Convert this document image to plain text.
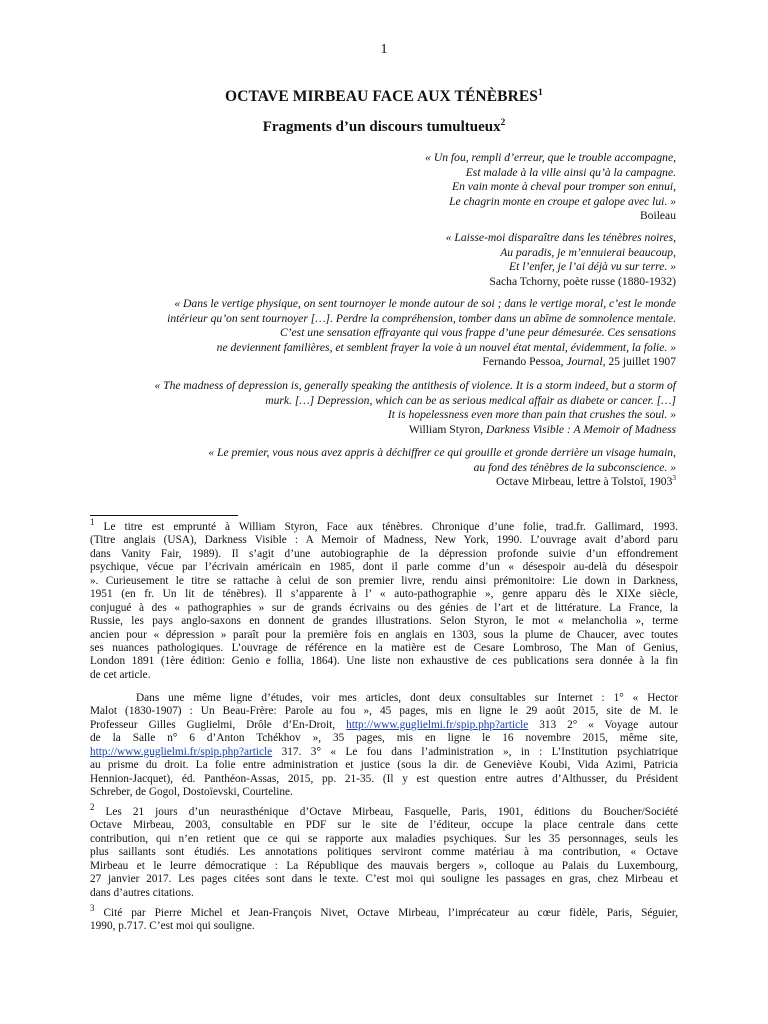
1
OCTAVE MIRBEAU FACE AUX TÉNÈBRES$^1$
Fragments d’un discours tumultueux$^2$
« Un fou, rempli d’erreur, que le trouble accompagne,
Est malade à la ville ainsi qu’à la campagne.
En vain monte à cheval pour tromper son ennui,
Le chagrin monte en croupe et galope avec lui. »
Boileau
« Laisse-moi disparaître dans les ténèbres noires,
Au paradis, je m’ennuierai beaucoup,
Et l’enfer, je l’ai déjà vu sur terre. »
Sacha Tchorny, poète russe (1880-1932)
« Dans le vertige physique, on sent tournoyer le monde autour de soi ; dans le vertige moral, c’est le monde
intérieur qu’on sent tournoyer […]. Perdre la compréhension, tomber dans un abîme de somnolence mentale.
C’est une sensation effrayante qui vous frappe d’une peur démesurée. Ces sensations
ne deviennent familières, et semblent frayer la voie à un nouvel état mental, évidemment, la folie. »
Fernando Pessoa, Journal, 25 juillet 1907
« The madness of depression is, generally speaking the antithesis of violence. It is a storm indeed, but a storm of
murk. […] Depression, which can be as serious medical affair as diabete or cancer. […]
It is hopelessness even more than pain that crushes the soul. »
William Styron, Darkness Visible : A Memoir of Madness
« Le premier, vous nous avez appris à déchiffrer ce qui grouille et gronde derrière un visage humain,
au fond des ténèbres de la subconscience. »
Octave Mirbeau, lettre à Tolstoï, 1903$^3$
$^1$ Le titre est emprunté à William Styron, Face aux ténèbres. Chronique d’une folie, trad.fr. Gallimard, 1993.
(Titre anglais (USA), Darkness Visible : A Memoir of Madness, New York, 1990. L’ouvrage avait d’abord paru
dans Vanity Fair, 1989). Il s’agit d’une autobiographie de la dépression profonde suivie d’un effondrement
psychique, vécue par l’écrivain américain en 1985, dont il parle comme d’un « désespoir au-delà du désespoir
». Curieusement le titre se rattache à celui de son premier livre, rendu ainsi prémonitoire: Lie down in Darkness,
1951 (en fr. Un lit de ténèbres). Il s’apparente à l’ « auto-pathographie », genre apparu dès le XIXe siècle,
conjugué à des « pathographies » sur de grands écrivains ou des génies de l’art et de littérature. La France, la
Russie, les pays anglo-saxons en donnent de grandes illustrations. Selon Styron, le mot « melancholia », terme
ancien pour « dépression » paraît pour la première fois en anglais en 1303, sous la plume de Chaucer, avec toutes
ses nuances pathologiques. L’ouvrage de référence en la matière est de Cesare Lombroso, The Man of Genius,
London 1891 (1ère édition: Genio e follia, 1864). Une liste non exhaustive de ces publications sera donnée à la fin
de cet article.
Dans une même ligne d’études, voir mes articles, dont deux consultables sur Internet : 1° « Hector
Malot (1830-1907) : Un Beau-Frère: Parole au fou », 45 pages, mis en ligne le 29 août 2015, site de M. le
Professeur Gilles Guglielmi, Drôle d’En-Droit, http://www.guglielmi.fr/spip.php?article 313 2° « Voyage autour
de la Salle n° 6 d’Anton Tchékhov », 35 pages, mis en ligne le 16 novembre 2015, même site,
http://www.guglielmi.fr/spip.php?article 317. 3° « Le fou dans l’administration », in : L’Institution psychiatrique
au prisme du droit. La folie entre administration et justice (sous la dir. de Geneviève Koubi, Vida Azimi, Patricia
Hennion-Jacquet), éd. Panthéon-Assas, 2015, pp. 21-35. (Il y est question entre autres d’Althusser, du Président
Schreber, de Gogol, Dostoïevski, Courteline.
$^2$ Les 21 jours d’un neurasthénique d’Octave Mirbeau, Fasquelle, Paris, 1901, éditions du Boucher/Société
Octave Mirbeau, 2003, consultable en PDF sur le site de l’éditeur, occupe la place centrale dans cette
contribution, qui n’en retient que ce qui se rapporte aux maladies psychiques. Sur les 35 personnages, seuls les
plus saillants sont étudiés. Les annotations politiques serviront comme matériau à ma contribution, « Octave
Mirbeau et le leurre démocratique : La République des mauvais bergers », colloque au Palais du Luxembourg,
27 janvier 2017. Les pages citées sont dans le texte. C’est moi qui souligne les passages en gras, chez Mirbeau et
dans d’autres citations.
$^3$ Cité par Pierre Michel et Jean-François Nivet, Octave Mirbeau, l’imprécateur au cœur fidèle, Paris, Séguier,
1990, p.717. C’est moi qui souligne.
